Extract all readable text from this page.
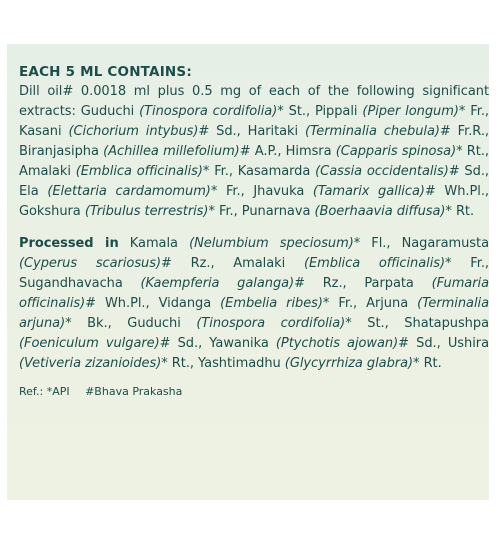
EACH 5 ML CONTAINS:

Dill oil# 0.0018 ml plus 0.5 mg of each of the following significant extracts: Guduchi (Tinospora cordifolia)* St., Pippali (Piper longum)* Fr., Kasani (Cichorium intybus)# Sd., Haritaki (Terminalia chebula)# Fr.R., Biranjasipha (Achillea millefolium)# A.P., Himsra (Capparis spinosa)* Rt., Amalaki (Emblica officinalis)* Fr., Kasamarda (Cassia occidentalis)# Sd., Ela (Elettaria cardamomum)* Fr., Jhavuka (Tamarix gallica)# Wh.Pl., Gokshura (Tribulus terrestris)* Fr., Punarnava (Boerhaavia diffusa)* Rt.

Processed in Kamala (Nelumbium speciosum)* Fl., Nagaramusta (Cyperus scariosus)# Rz., Amalaki (Emblica officinalis)* Fr., Sugandhavacha (Kaempferia galanga)# Rz., Parpata (Fumaria officinalis)# Wh.Pl., Vidanga (Embelia ribes)* Fr., Arjuna (Terminalia arjuna)* Bk., Guduchi (Tinospora cordifolia)* St., Shatapushpa (Foeniculum vulgare)# Sd., Yawanika (Ptychotis ajowan)# Sd., Ushira (Vetiveria zizanioides)* Rt., Yashtimadhu (Glycyrrhiza glabra)* Rt.

Ref.: *API #Bhava Prakasha
